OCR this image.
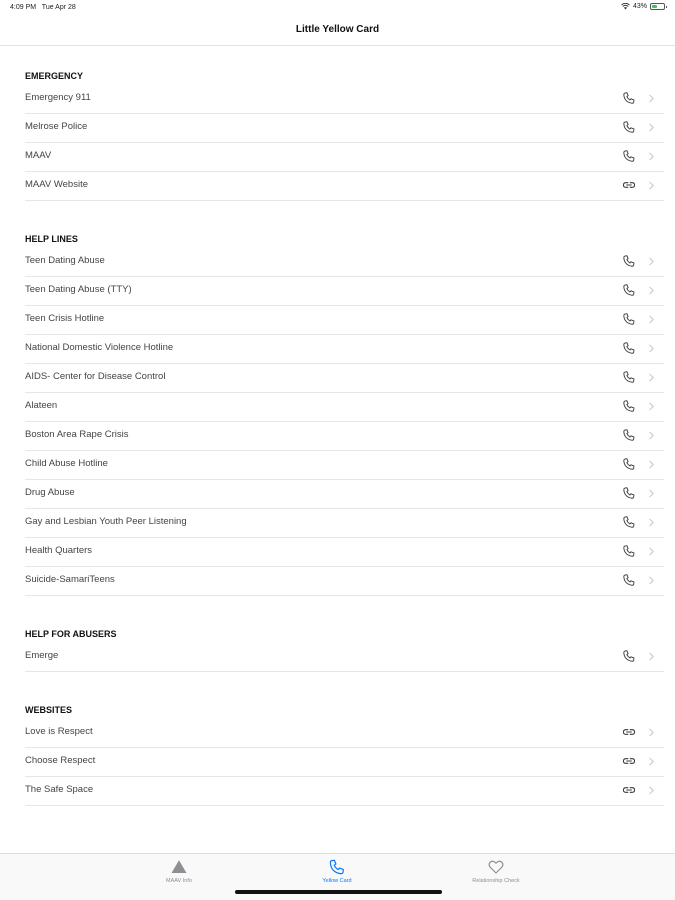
4:09 PM Tue Apr 28	43%
Little Yellow Card
EMERGENCY
Emergency 911
Melrose Police
MAAV
MAAV Website
HELP LINES
Teen Dating Abuse
Teen Dating Abuse (TTY)
Teen Crisis Hotline
National Domestic Violence Hotline
AIDS- Center for Disease Control
Alateen
Boston Area Rape Crisis
Child Abuse Hotline
Drug Abuse
Gay and Lesbian Youth Peer Listening
Health Quarters
Suicide-SamariTeens
HELP FOR ABUSERS
Emerge
WEBSITES
Love is Respect
Choose Respect
The Safe Space
MAAV Info	Yellow Card	Relationship Check
